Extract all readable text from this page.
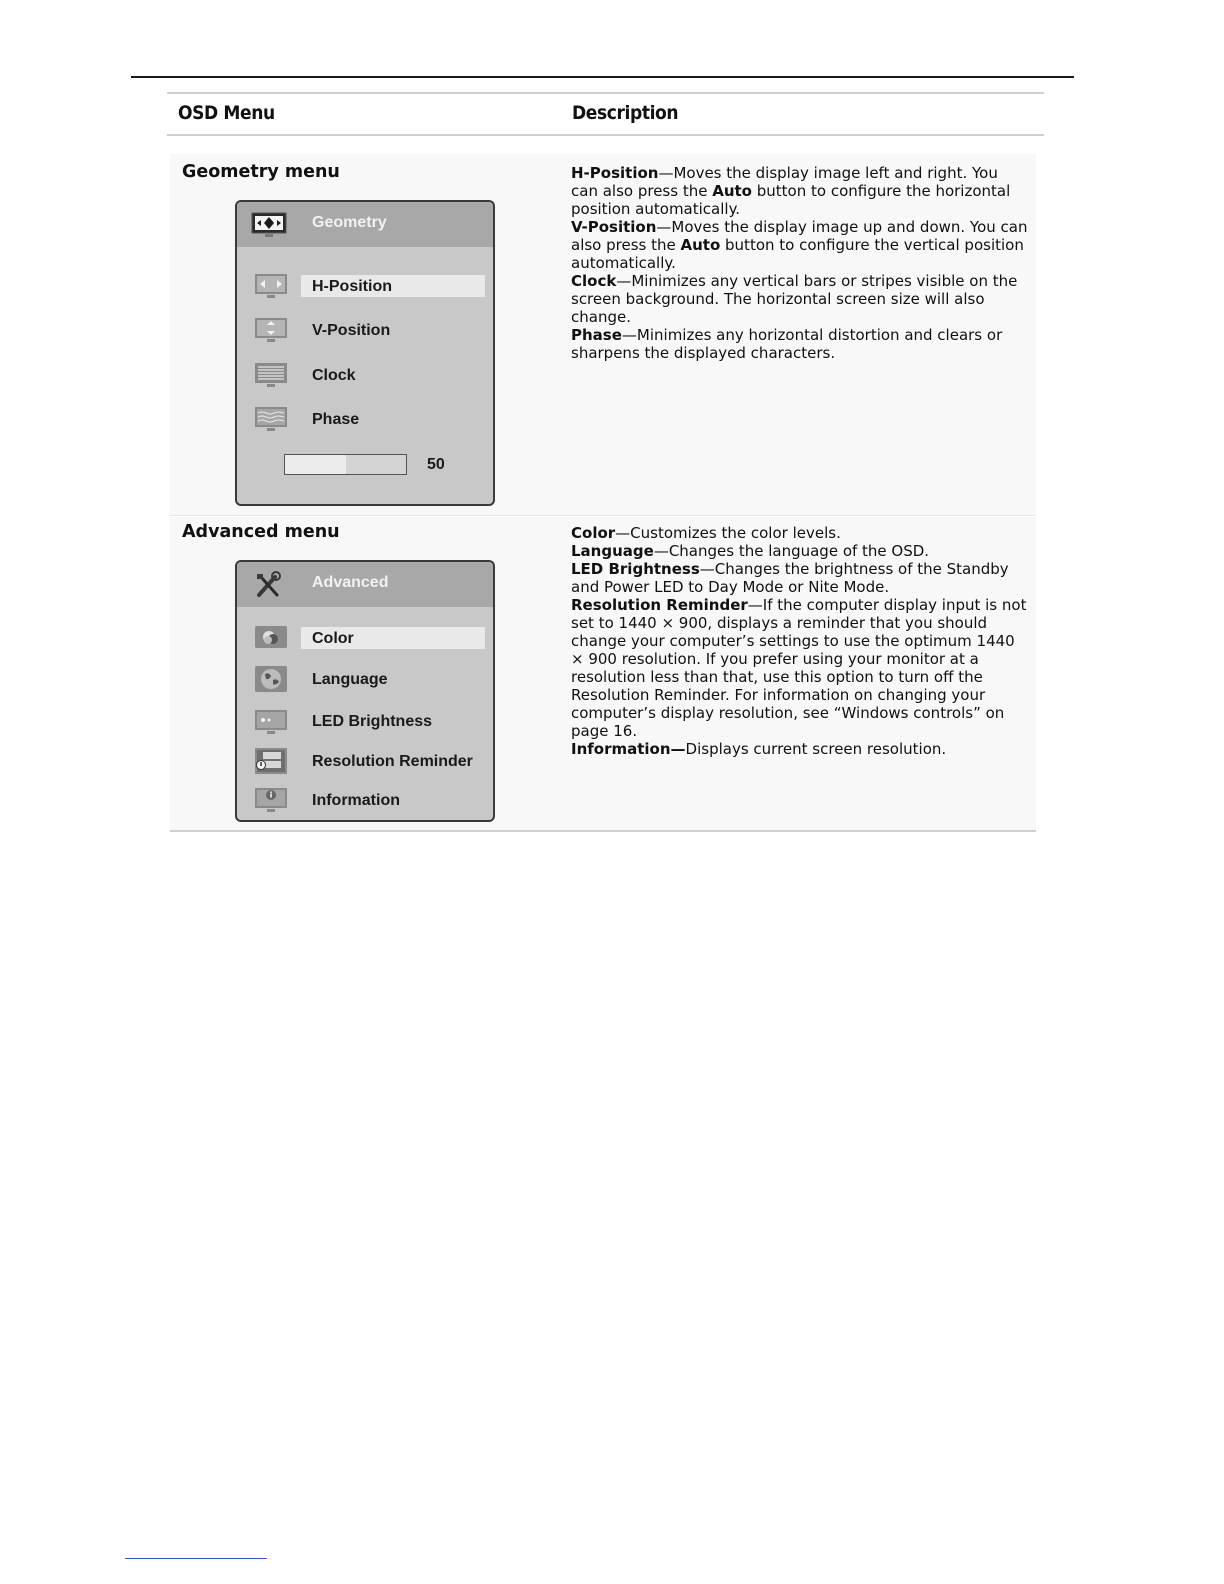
OSD Menu	Description
Geometry menu
Geometry
H-Position
V-Position
Clock
Phase
50

H-Position—Moves the display image left and right. You can also press the Auto button to configure the horizontal position automatically.

V-Position—Moves the display image up and down. You can also press the Auto button to configure the vertical position automatically.

Clock—Minimizes any vertical bars or stripes visible on the screen background. The horizontal screen size will also change.

Phase—Minimizes any horizontal distortion and clears or sharpens the displayed characters.

Advanced menu
Advanced
Color
Language
LED Brightness
Resolution Reminder
Information

Color—Customizes the color levels.

Language—Changes the language of the OSD.

LED Brightness—Changes the brightness of the Standby and Power LED to Day Mode or Nite Mode.

Resolution Reminder—If the computer display input is not set to 1440 × 900, displays a reminder that you should change your computer’s settings to use the optimum 1440 × 900 resolution. If you prefer using your monitor at a resolution less than that, use this option to turn off the Resolution Reminder. For information on changing your computer’s display resolution, see “Windows controls” on page 16.

Information—Displays current screen resolution.
